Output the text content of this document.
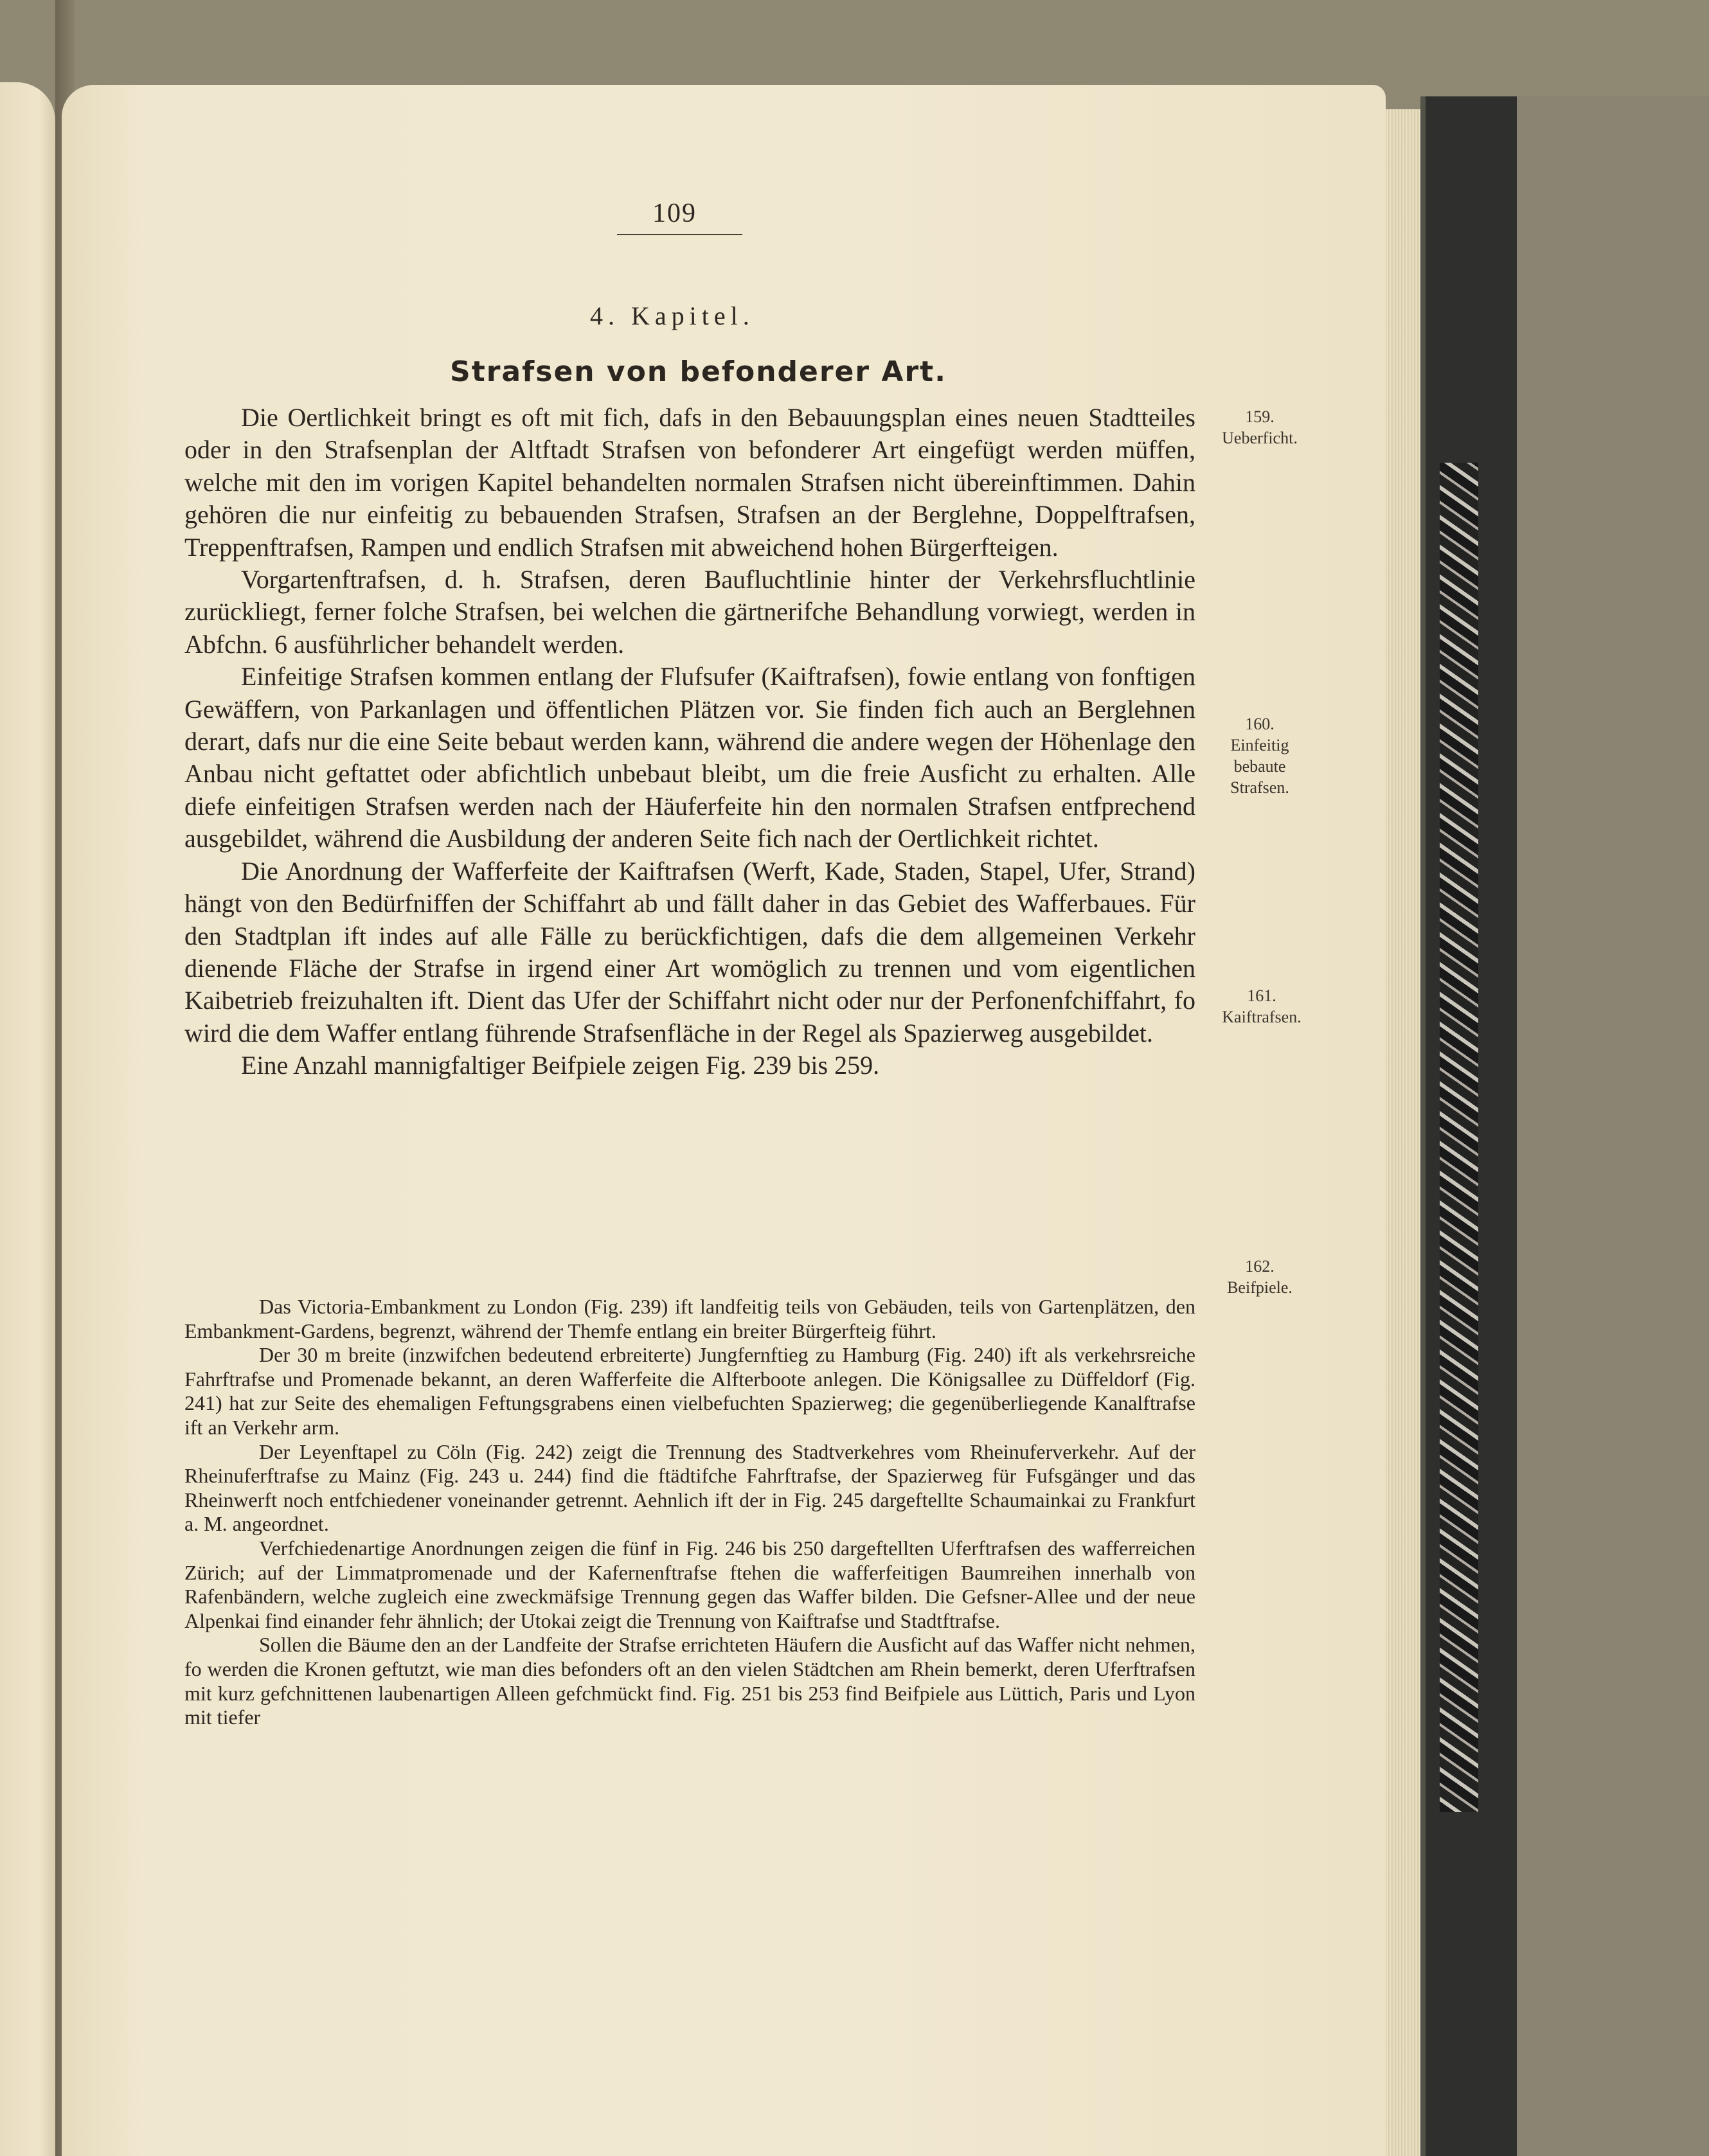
109
4. Kapitel.
Strafsen von befonderer Art.

Die Oertlichkeit bringt es oft mit fich, dafs in den Bebauungsplan eines neuen Stadtteiles oder in den Strafsenplan der Altftadt Strafsen von befonderer Art eingefügt werden müffen, welche mit den im vorigen Kapitel behandelten normalen Strafsen nicht übereinftimmen. Dahin gehören die nur einfeitig zu bebauenden Strafsen, Strafsen an der Berglehne, Doppelftrafsen, Treppenftrafsen, Rampen und endlich Strafsen mit abweichend hohen Bürgerfteigen.

Vorgartenftrafsen, d. h. Strafsen, deren Baufluchtlinie hinter der Verkehrsfluchtlinie zurückliegt, ferner folche Strafsen, bei welchen die gärtnerifche Behandlung vorwiegt, werden in Abfchn. 6 ausführlicher behandelt werden.

Einfeitige Strafsen kommen entlang der Flufsufer (Kaiftrafsen), fowie entlang von fonftigen Gewäffern, von Parkanlagen und öffentlichen Plätzen vor. Sie finden fich auch an Berglehnen derart, dafs nur die eine Seite bebaut werden kann, während die andere wegen der Höhenlage den Anbau nicht geftattet oder abfichtlich unbebaut bleibt, um die freie Ausficht zu erhalten. Alle diefe einfeitigen Strafsen werden nach der Häuferfeite hin den normalen Strafsen entfprechend ausgebildet, während die Ausbildung der anderen Seite fich nach der Oertlichkeit richtet.

Die Anordnung der Wafferfeite der Kaiftrafsen (Werft, Kade, Staden, Stapel, Ufer, Strand) hängt von den Bedürfniffen der Schiffahrt ab und fällt daher in das Gebiet des Wafferbaues. Für den Stadtplan ift indes auf alle Fälle zu berückfichtigen, dafs die dem allgemeinen Verkehr dienende Fläche der Strafse in irgend einer Art womöglich zu trennen und vom eigentlichen Kaibetrieb freizuhalten ift. Dient das Ufer der Schiffahrt nicht oder nur der Perfonenfchiffahrt, fo wird die dem Waffer entlang führende Strafsenfläche in der Regel als Spazierweg ausgebildet.

Eine Anzahl mannigfaltiger Beifpiele zeigen Fig. 239 bis 259.

Das Victoria-Embankment zu London (Fig. 239) ift landfeitig teils von Gebäuden, teils von Gartenplätzen, den Embankment-Gardens, begrenzt, während der Themfe entlang ein breiter Bürgerfteig führt.

Der 30 m breite (inzwifchen bedeutend erbreiterte) Jungfernftieg zu Hamburg (Fig. 240) ift als verkehrsreiche Fahrftrafse und Promenade bekannt, an deren Wafferfeite die Alfterboote anlegen. Die Königsallee zu Düffeldorf (Fig. 241) hat zur Seite des ehemaligen Feftungsgrabens einen vielbefuchten Spazierweg; die gegenüberliegende Kanalftrafse ift an Verkehr arm.

Der Leyenftapel zu Cöln (Fig. 242) zeigt die Trennung des Stadtverkehres vom Rheinuferverkehr. Auf der Rheinuferftrafse zu Mainz (Fig. 243 u. 244) find die ftädtifche Fahrftrafse, der Spazierweg für Fufsgänger und das Rheinwerft noch entfchiedener voneinander getrennt. Aehnlich ift der in Fig. 245 dargeftellte Schaumainkai zu Frankfurt a. M. angeordnet.

Verfchiedenartige Anordnungen zeigen die fünf in Fig. 246 bis 250 dargeftellten Uferftrafsen des wafferreichen Zürich; auf der Limmatpromenade und der Kafernenftrafse ftehen die wafferfeitigen Baumreihen innerhalb von Rafenbändern, welche zugleich eine zweckmäfsige Trennung gegen das Waffer bilden. Die Gefsner-Allee und der neue Alpenkai find einander fehr ähnlich; der Utokai zeigt die Trennung von Kaiftrafse und Stadtftrafse.

Sollen die Bäume den an der Landfeite der Strafse errichteten Häufern die Ausficht auf das Waffer nicht nehmen, fo werden die Kronen geftutzt, wie man dies befonders oft an den vielen Städtchen am Rhein bemerkt, deren Uferftrafsen mit kurz gefchnittenen laubenartigen Alleen gefchmückt find. Fig. 251 bis 253 find Beifpiele aus Lüttich, Paris und Lyon mit tiefer

159.
Ueberficht.
160.
Einfeitig bebaute Strafsen.
161.
Kaiftrafsen.
162.
Beifpiele.
